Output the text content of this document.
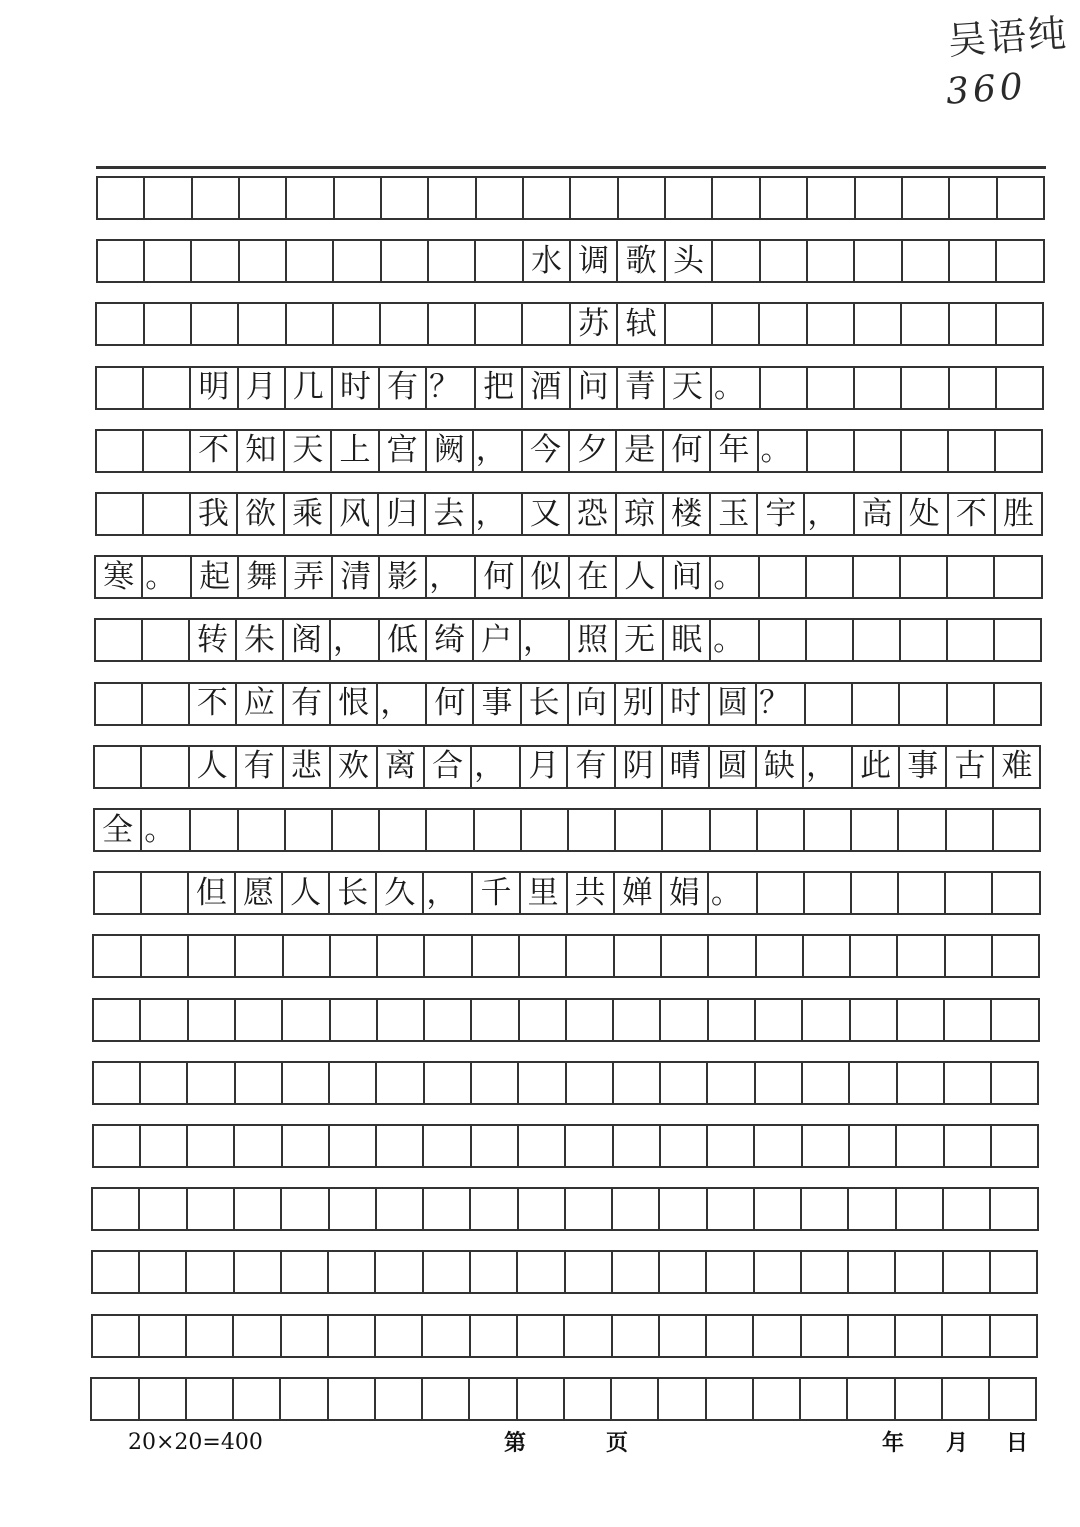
吴语纯
360
水 调 歌 头
苏 轼
明 月 几 时 有 ？ 把 酒 问 青 天 。
不 知 天 上 宫 阙 ， 今 夕 是 何 年 。
我 欲 乘 风 归 去 ， 又 恐 琼 楼 玉 宇 ， 高 处 不 胜
寒 。 起 舞 弄 清 影 ， 何 似 在 人 间 。
转 朱 阁 ， 低 绮 户 ， 照 无 眠 。
不 应 有 恨 ， 何 事 长 向 别 时 圆 ？
人 有 悲 欢 离 合 ， 月 有 阴 晴 圆 缺 ， 此 事 古 难
全 。
但 愿 人 长 久 ， 千 里 共 婵 娟 。
20×20=400	第	页	年 月 日
